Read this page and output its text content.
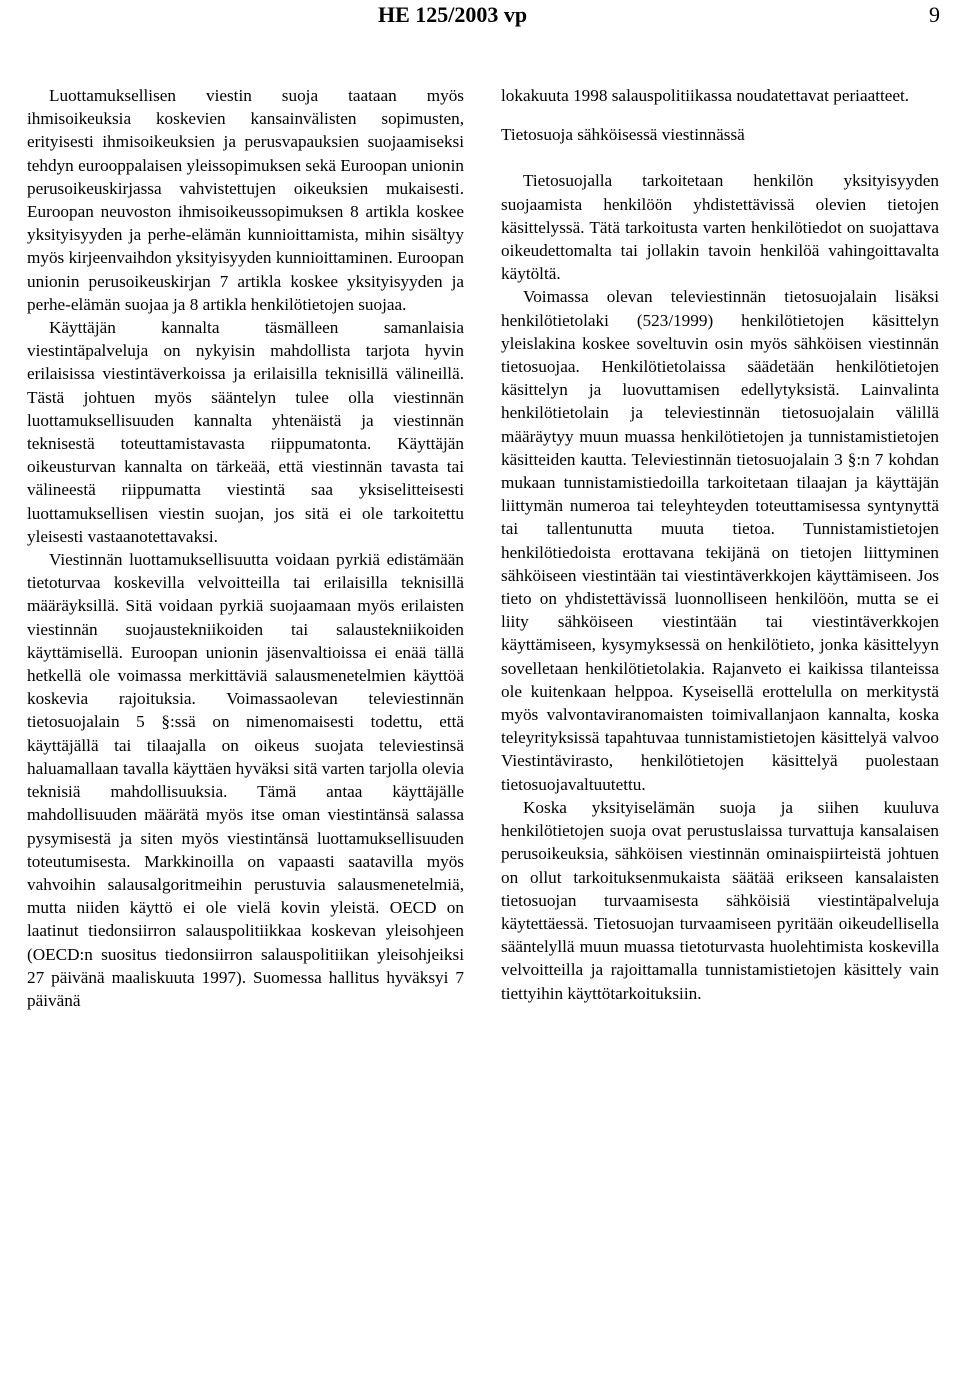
HE 125/2003 vp	9

Luottamuksellisen viestin suoja taataan myös ihmisoikeuksia koskevien kansainvälisten sopimusten, erityisesti ihmisoikeuksien ja perusvapauksien suojaamiseksi tehdyn eurooppalaisen yleissopimuksen sekä Euroopan unionin perusoikeuskirjassa vahvistettujen oikeuksien mukaisesti. Euroopan neuvoston ihmisoikeussopimuksen 8 artikla koskee yksityisyyden ja perhe-elämän kunnioittamista, mihin sisältyy myös kirjeenvaihdon yksityisyyden kunnioittaminen. Euroopan unionin perusoikeuskirjan 7 artikla koskee yksityisyyden ja perhe-elämän suojaa ja 8 artikla henkilötietojen suojaa.

Käyttäjän kannalta täsmälleen samanlaisia viestintäpalveluja on nykyisin mahdollista tarjota hyvin erilaisissa viestintäverkoissa ja erilaisilla teknisillä välineillä. Tästä johtuen myös sääntelyn tulee olla viestinnän luottamuksellisuuden kannalta yhtenäistä ja viestinnän teknisestä toteuttamistavasta riippumatonta. Käyttäjän oikeusturvan kannalta on tärkeää, että viestinnän tavasta tai välineestä riippumatta viestintä saa yksiselitteisesti luottamuksellisen viestin suojan, jos sitä ei ole tarkoitettu yleisesti vastaanotettavaksi.

Viestinnän luottamuksellisuutta voidaan pyrkiä edistämään tietoturvaa koskevilla velvoitteilla tai erilaisilla teknisillä määräyksillä. Sitä voidaan pyrkiä suojaamaan myös erilaisten viestinnän suojaustekniikoiden tai salaustekniikoiden käyttämisellä. Euroopan unionin jäsenvaltioissa ei enää tällä hetkellä ole voimassa merkittäviä salausmenetelmien käyttöä koskevia rajoituksia. Voimassaolevan televiestinnän tietosuojalain 5 §:ssä on nimenomaisesti todettu, että käyttäjällä tai tilaajalla on oikeus suojata televiestinsä haluamallaan tavalla käyttäen hyväksi sitä varten tarjolla olevia teknisiä mahdollisuuksia. Tämä antaa käyttäjälle mahdollisuuden määrätä myös itse oman viestintänsä salassa pysymisestä ja siten myös viestintänsä luottamuksellisuuden toteutumisesta. Markkinoilla on vapaasti saatavilla myös vahvoihin salausalgoritmeihin perustuvia salausmenetelmiä, mutta niiden käyttö ei ole vielä kovin yleistä. OECD on laatinut tiedonsiirron salauspolitiikkaa koskevan yleisohjeen (OECD:n suositus tiedonsiirron salauspolitiikan yleisohjeiksi 27 päivänä maaliskuuta 1997). Suomessa hallitus hyväksyi 7 päivänä

lokakuuta 1998 salauspolitiikassa noudatettavat periaatteet.

Tietosuoja sähköisessä viestinnässä

Tietosuojalla tarkoitetaan henkilön yksityisyyden suojaamista henkilöön yhdistettävissä olevien tietojen käsittelyssä. Tätä tarkoitusta varten henkilötiedot on suojattava oikeudettomalta tai jollakin tavoin henkilöä vahingoittavalta käytöltä.

Voimassa olevan televiestinnän tietosuojalain lisäksi henkilötietolaki (523/1999) henkilötietojen käsittelyn yleislakina koskee soveltuvin osin myös sähköisen viestinnän tietosuojaa. Henkilötietolaissa säädetään henkilötietojen käsittelyn ja luovuttamisen edellytyksistä. Lainvalinta henkilötietolain ja televiestinnän tietosuojalain välillä määräytyy muun muassa henkilötietojen ja tunnistamistietojen käsitteiden kautta. Televiestinnän tietosuojalain 3 §:n 7 kohdan mukaan tunnistamistiedoilla tarkoitetaan tilaajan ja käyttäjän liittymän numeroa tai teleyhteyden toteuttamisessa syntynyttä tai tallentunutta muuta tietoa. Tunnistamistietojen henkilötiedoista erottavana tekijänä on tietojen liittyminen sähköiseen viestintään tai viestintäverkkojen käyttämiseen. Jos tieto on yhdistettävissä luonnolliseen henkilöön, mutta se ei liity sähköiseen viestintään tai viestintäverkkojen käyttämiseen, kysymyksessä on henkilötieto, jonka käsittelyyn sovelletaan henkilötietolakia. Rajanveto ei kaikissa tilanteissa ole kuitenkaan helppoa. Kyseisellä erottelulla on merkitystä myös valvontaviranomaisten toimivallanjaon kannalta, koska teleyrityksissä tapahtuvaa tunnistamistietojen käsittelyä valvoo Viestintävirasto, henkilötietojen käsittelyä puolestaan tietosuojavaltuutettu.

Koska yksityiselämän suoja ja siihen kuuluva henkilötietojen suoja ovat perustuslaissa turvattuja kansalaisen perusoikeuksia, sähköisen viestinnän ominaispiirteistä johtuen on ollut tarkoituksenmukaista säätää erikseen kansalaisten tietosuojan turvaamisesta sähköisiä viestintäpalveluja käytettäessä. Tietosuojan turvaamiseen pyritään oikeudellisella sääntelyllä muun muassa tietoturvasta huolehtimista koskevilla velvoitteilla ja rajoittamalla tunnistamistietojen käsittely vain tiettyihin käyttötarkoituksiin.
